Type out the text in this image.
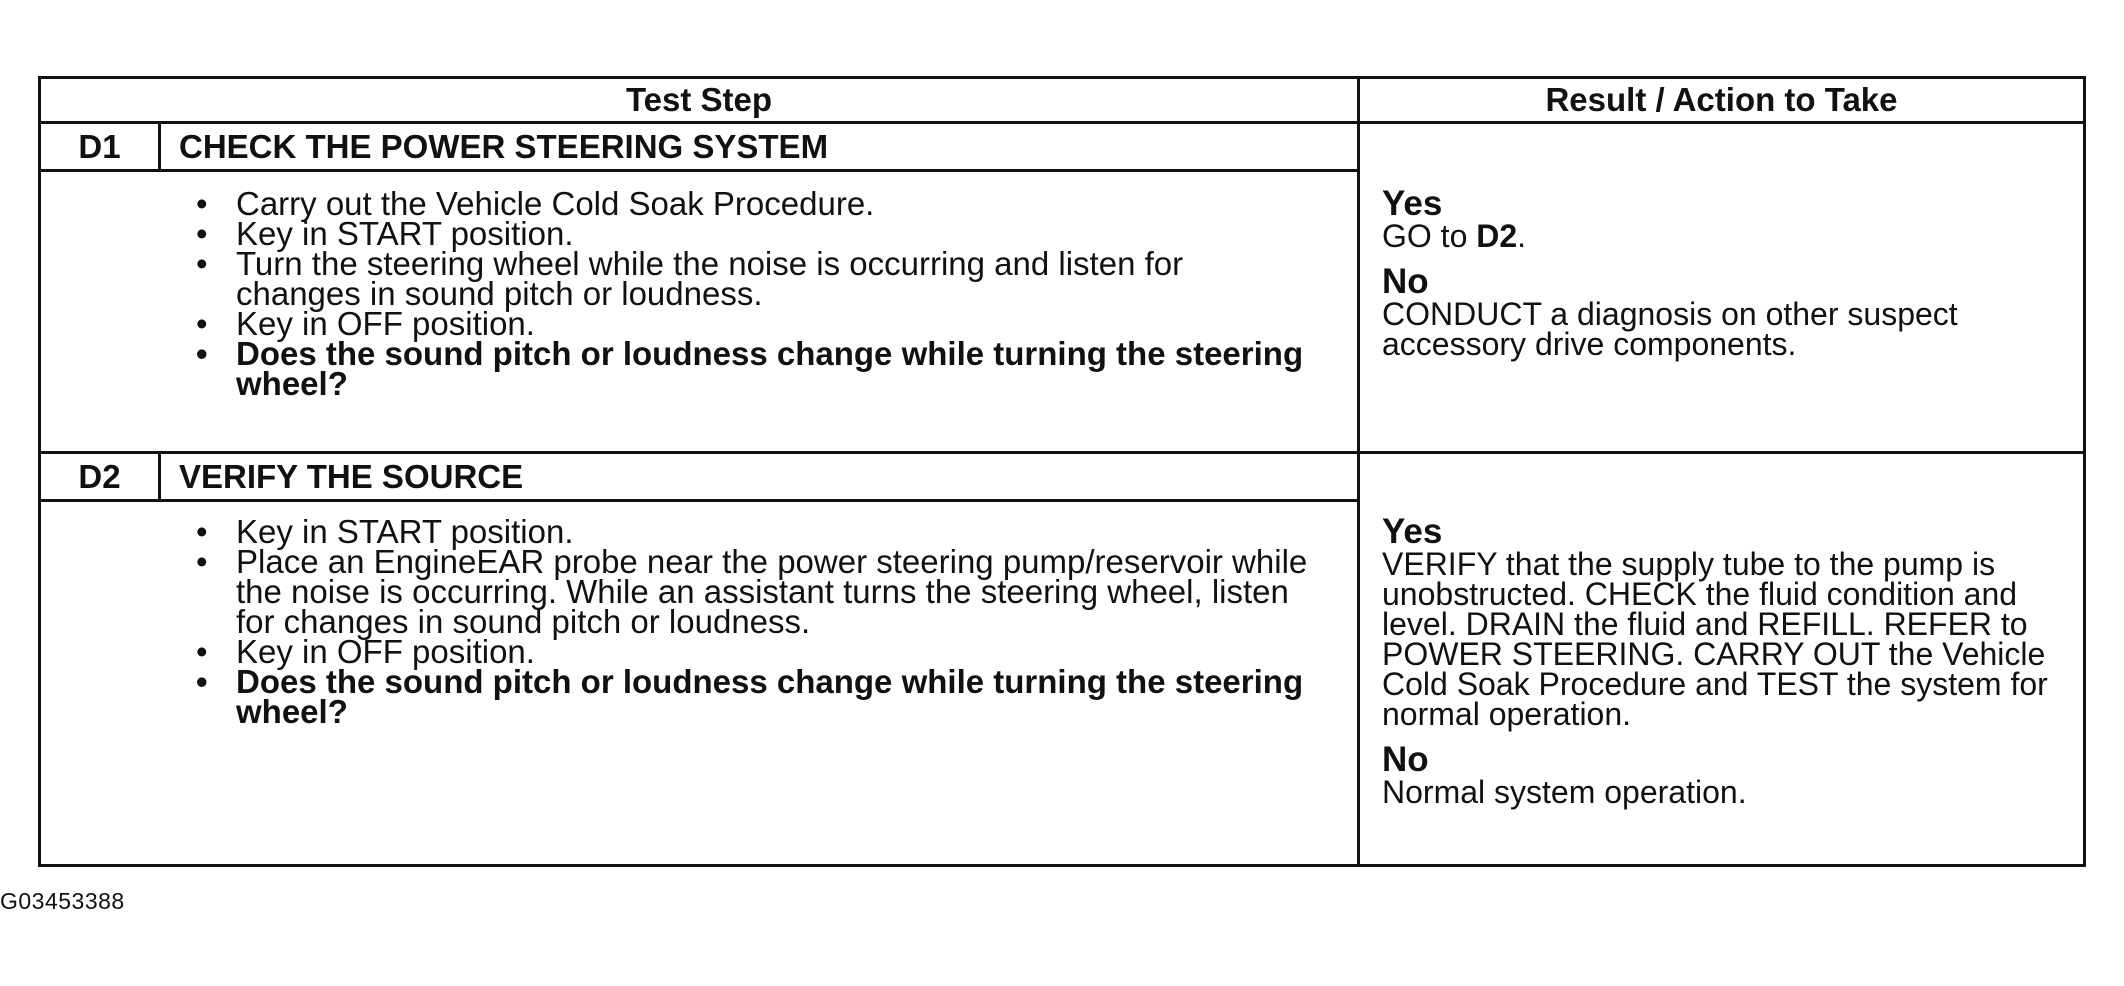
Test Step	Result / Action to Take
D1	CHECK THE POWER STEERING SYSTEM
• Carry out the Vehicle Cold Soak Procedure.
• Key in START position.
• Turn the steering wheel while the noise is occurring and listen for changes in sound pitch or loudness.
• Key in OFF position.
• Does the sound pitch or loudness change while turning the steering wheel?
Yes
GO to D2.
No
CONDUCT a diagnosis on other suspect accessory drive components.
D2	VERIFY THE SOURCE
• Key in START position.
• Place an EngineEAR probe near the power steering pump/reservoir while the noise is occurring. While an assistant turns the steering wheel, listen for changes in sound pitch or loudness.
• Key in OFF position.
• Does the sound pitch or loudness change while turning the steering wheel?
Yes
VERIFY that the supply tube to the pump is unobstructed. CHECK the fluid condition and level. DRAIN the fluid and REFILL. REFER to POWER STEERING. CARRY OUT the Vehicle Cold Soak Procedure and TEST the system for normal operation.
No
Normal system operation.
G03453388
